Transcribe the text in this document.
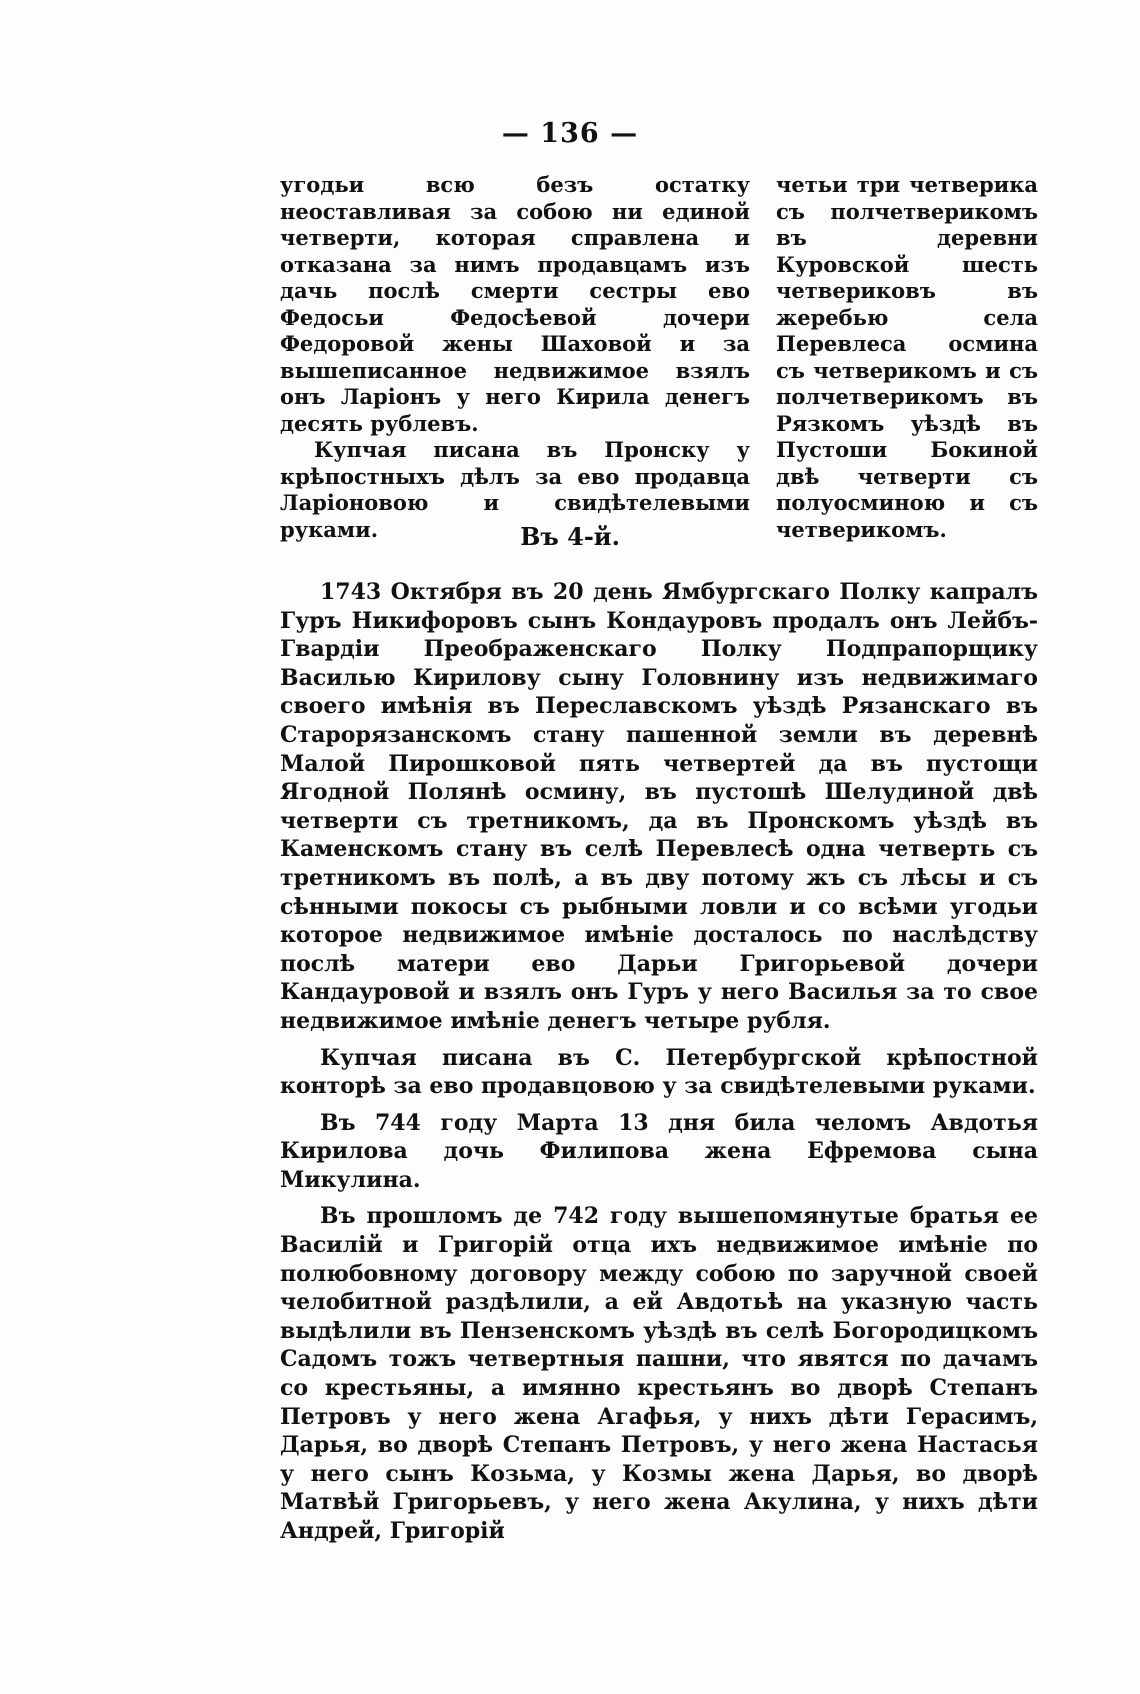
— 136 —

угодьи всю безъ остатку неоставливая за собою ни единой четверти, которая справлена и отказана за нимъ продавцамъ изъ дачь послѣ смерти сестры ево Федосьи Федосѣевой дочери Федоровой жены Шаховой и за вышеписанное недвижимое взялъ онъ Ларіонъ у него Кирила денегъ десять рублевъ.

Купчая писана въ Пронску у крѣпостныхъ дѣлъ за ево продавца Ларіоновою и свидѣтелевыми руками.

четьи три четверика съ полчетверикомъ въ деревни Куровской шесть четвериковъ въ жеребью села Перевлеса осмина съ четверикомъ и съ полчетверикомъ въ Рязкомъ уѣздѣ въ Пустоши Бокиной двѣ четверти съ полуосминою и съ четверикомъ.

Въ 4-й.

1743 Октября въ 20 день Ямбургскаго Полку капралъ Гуръ Никифоровъ сынъ Кондауровъ продалъ онъ Лейбъ-Гвардіи Преображенскаго Полку Подпрапорщику Василью Кирилову сыну Головнину изъ недвижимаго своего имѣнія въ Переславскомъ уѣздѣ Рязанскаго въ Старорязанскомъ стану пашенной земли въ деревнѣ Малой Пирошковой пять четвертей да въ пустощи Ягодной Полянѣ осмину, въ пустошѣ Шелудиной двѣ четверти съ третникомъ, да въ Пронскомъ уѣздѣ въ Каменскомъ стану въ селѣ Перевлесѣ одна четверть съ третникомъ въ полѣ, а въ дву потому жъ съ лѣсы и съ сѣнными покосы съ рыбными ловли и со всѣми угодьи которое недвижимое имѣніе досталось по наслѣдству послѣ матери ево Дарьи Григорьевой дочери Кандауровой и взялъ онъ Гуръ у него Василья за то свое недвижимое имѣніе денегъ четыре рубля.

Купчая писана въ С. Петербургской крѣпостной конторѣ за ево продавцовою у за свидѣтелевыми руками.

Въ 744 году Марта 13 дня била челомъ Авдотья Кирилова дочь Филипова жена Ефремова сына Микулина.

Въ прошломъ де 742 году вышепомянутые братья ее Василій и Григорій отца ихъ недвижимое имѣніе по полюбовному договору между собою по заручной своей челобитной раздѣлили, а ей Авдотьѣ на указную часть выдѣлили въ Пензенскомъ уѣздѣ въ селѣ Богородицкомъ Садомъ тожъ четвертныя пашни, что явятся по дачамъ со крестьяны, а имянно крестьянъ во дворѣ Степанъ Петровъ у него жена Агафья, у нихъ дѣти Герасимъ, Дарья, во дворѣ Степанъ Петровъ, у него жена Настасья у него сынъ Козьма, у Козмы жена Дарья, во дворѣ Матвѣй Григорьевъ, у него жена Акулина, у нихъ дѣти Андрей, Григорій
